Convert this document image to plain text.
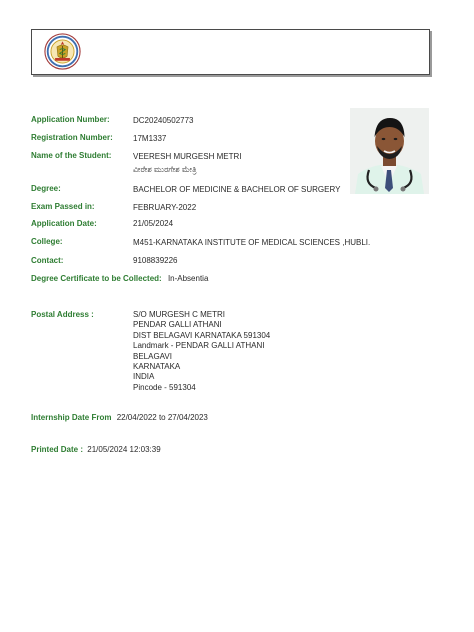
Application Number:	DC20240502773
Registration Number:	17M1337
Name of the Student:	VEERESH MURGESH METRI
ವೀರೇಶ ಮುರಗೇಶ ಮೇತ್ರಿ
Degree:	BACHELOR OF MEDICINE & BACHELOR OF SURGERY
Exam Passed in:	FEBRUARY-2022
Application Date:	21/05/2024
College:	M451-KARNATAKA INSTITUTE OF MEDICAL SCIENCES ,HUBLI.
Contact:	9108839226
Degree Certificate to be Collected: In-Absentia
Postal Address :	S/O MURGESH C METRI
PENDAR GALLI ATHANI
DIST BELAGAVI KARNATAKA 591304
Landmark - PENDAR GALLI ATHANI
BELAGAVI
KARNATAKA
INDIA
Pincode - 591304
Internship Date From 22/04/2022 to 27/04/2023
Printed Date : 21/05/2024 12:03:39
